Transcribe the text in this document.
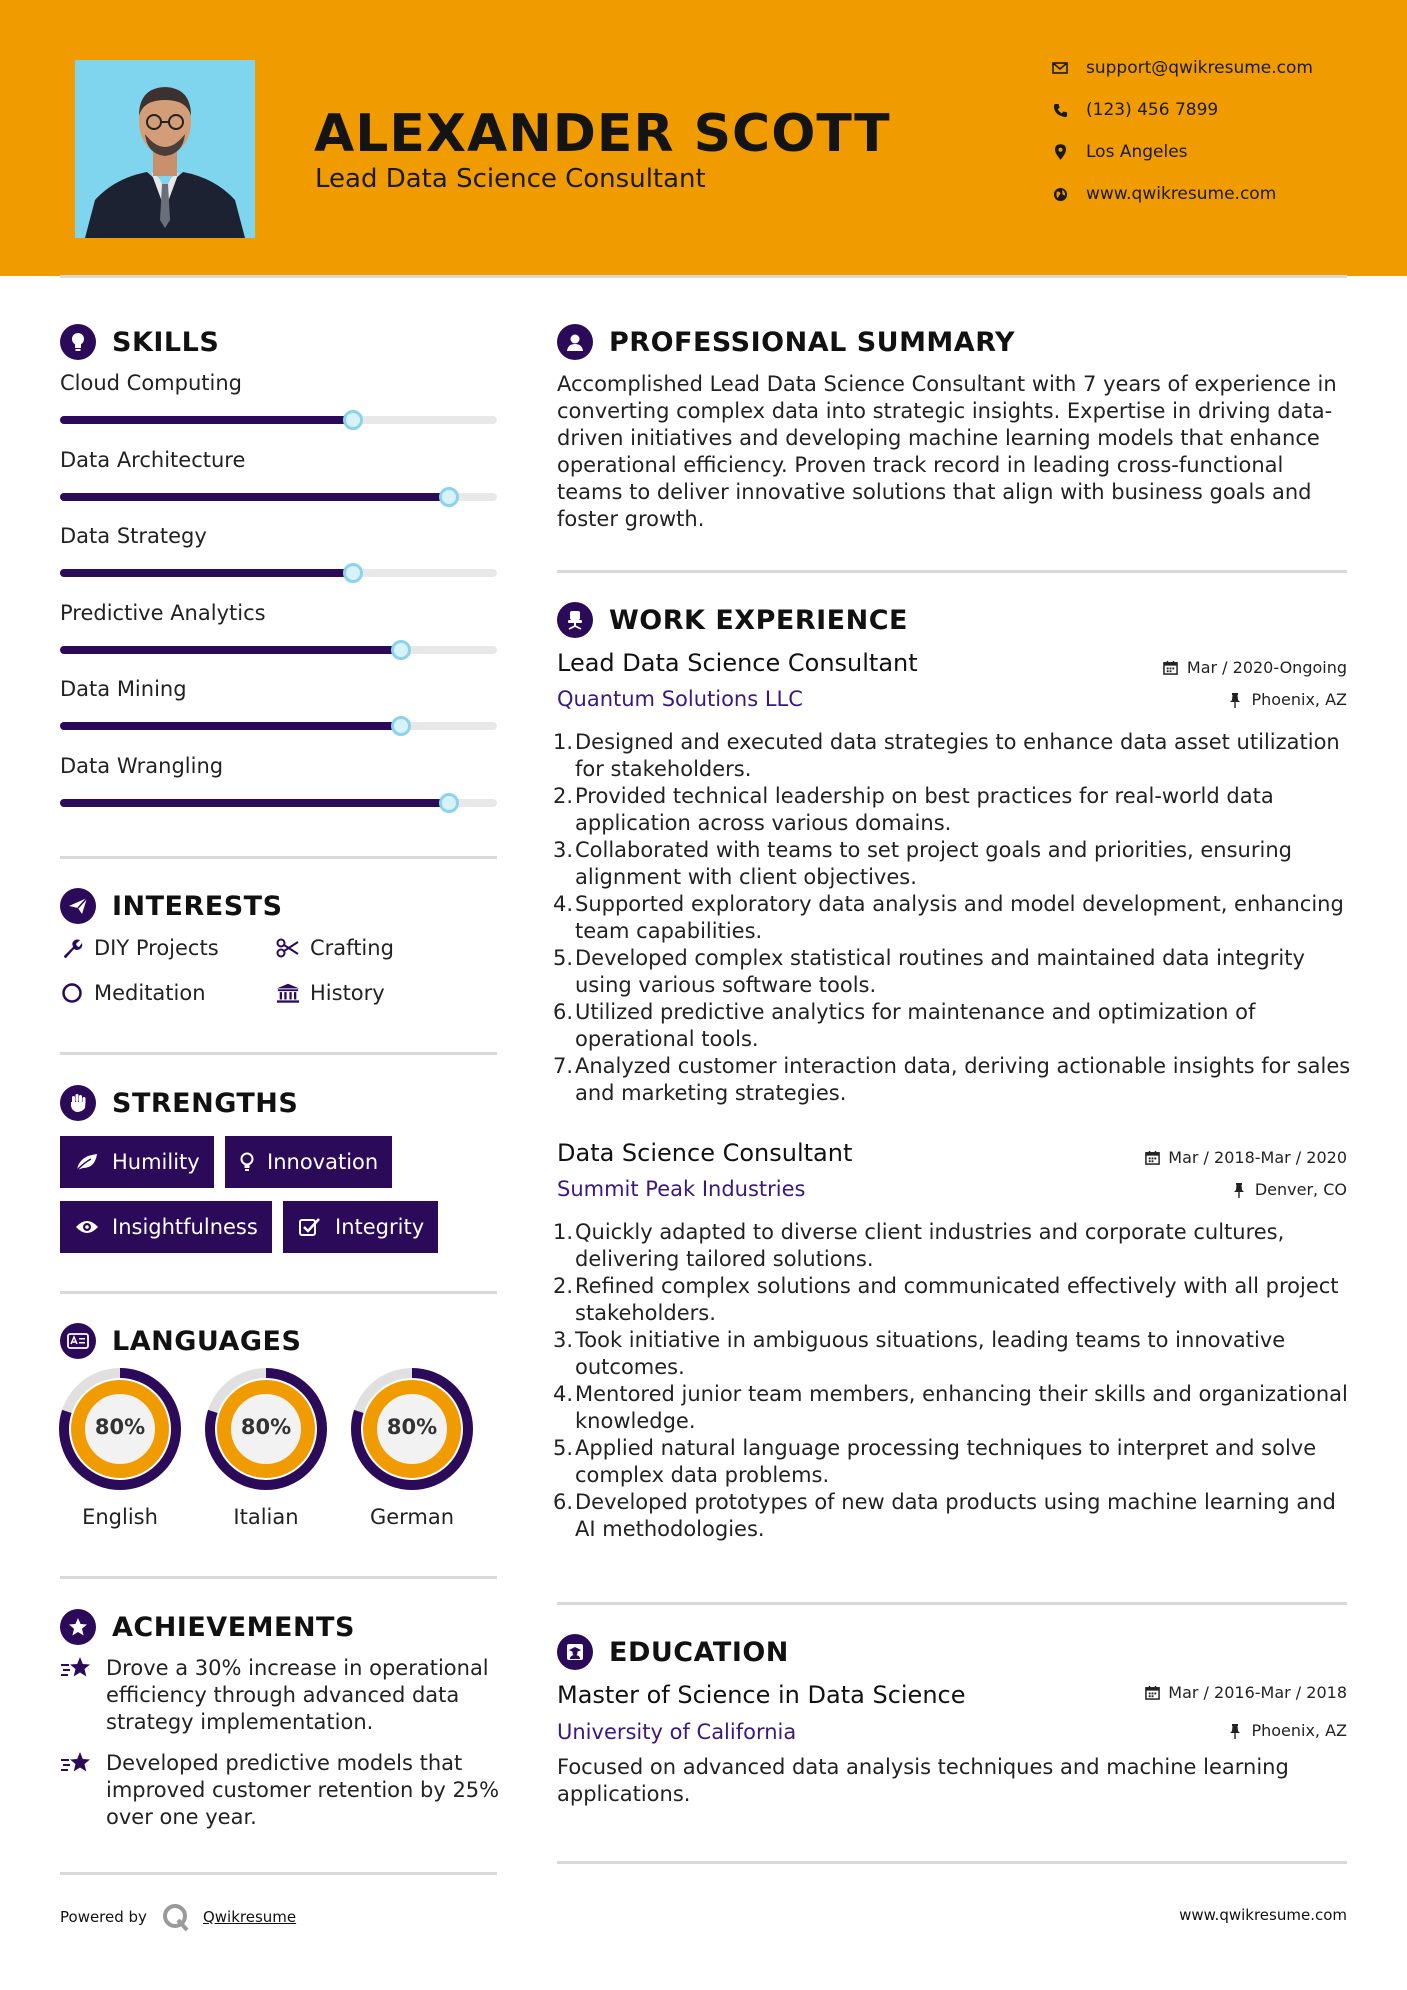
ALEXANDER SCOTT
Lead Data Science Consultant
support@qwikresume.com
(123) 456 7899
Los Angeles
www.qwikresume.com
SKILLS
Cloud Computing
Data Architecture
Data Strategy
Predictive Analytics
Data Mining
Data Wrangling
INTERESTS
DIY Projects	Crafting
Meditation	History
STRENGTHS
Humility	Innovation
Insightfulness	Integrity
LANGUAGES
80%
English
80%
Italian
80%
German
ACHIEVEMENTS
Drove a 30% increase in operational efficiency through advanced data strategy implementation.
Developed predictive models that improved customer retention by 25% over one year.
PROFESSIONAL SUMMARY
Accomplished Lead Data Science Consultant with 7 years of experience in converting complex data into strategic insights. Expertise in driving data-driven initiatives and developing machine learning models that enhance operational efficiency. Proven track record in leading cross-functional teams to deliver innovative solutions that align with business goals and foster growth.
WORK EXPERIENCE
Lead Data Science Consultant	Mar / 2020-Ongoing
Quantum Solutions LLC	Phoenix, AZ
Designed and executed data strategies to enhance data asset utilization for stakeholders.
Provided technical leadership on best practices for real-world data application across various domains.
Collaborated with teams to set project goals and priorities, ensuring alignment with client objectives.
Supported exploratory data analysis and model development, enhancing team capabilities.
Developed complex statistical routines and maintained data integrity using various software tools.
Utilized predictive analytics for maintenance and optimization of operational tools.
Analyzed customer interaction data, deriving actionable insights for sales and marketing strategies.
Data Science Consultant	Mar / 2018-Mar / 2020
Summit Peak Industries	Denver, CO
Quickly adapted to diverse client industries and corporate cultures, delivering tailored solutions.
Refined complex solutions and communicated effectively with all project stakeholders.
Took initiative in ambiguous situations, leading teams to innovative outcomes.
Mentored junior team members, enhancing their skills and organizational knowledge.
Applied natural language processing techniques to interpret and solve complex data problems.
Developed prototypes of new data products using machine learning and AI methodologies.
EDUCATION
Master of Science in Data Science	Mar / 2016-Mar / 2018
University of California	Phoenix, AZ
Focused on advanced data analysis techniques and machine learning applications.
Powered by	Qwikresume	www.qwikresume.com
